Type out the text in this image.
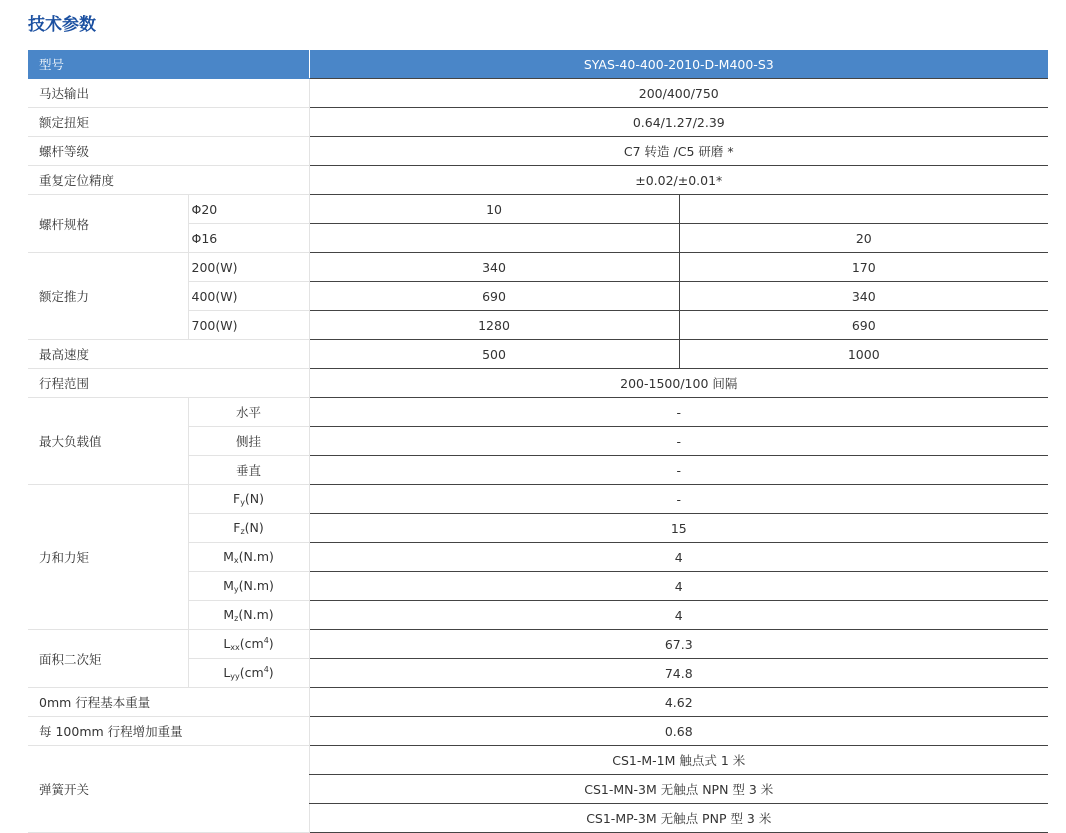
技术参数
型号		SYAS-40-400-2010-D-M400-S3	
马达输出		200/400/750	
额定扭矩		0.64/1.27/2.39	
螺杆等级		C7 转造 /C5 研磨 *	
重复定位精度		±0.02/±0.01*	
螺杆规格	Φ20	10	
	Φ16		20
额定推力	200(W)	340	170
	400(W)	690	340
	700(W)	1280	690
最高速度		500	1000
行程范围		200-1500/100 间隔	
最大负载值	水平	-	
	侧挂	-	
	垂直	-	
力和力矩	$F_y(N)$	-	
	$F_z(N)$	15	
	$M_x(N.m)$	4	
	$M_y(N.m)$	4	
	$M_z(N.m)$	4	
面积二次矩	$L_{xx}(cm^4)$	67.3	
	$L_{yy}(cm^4)$	74.8	
0mm 行程基本重量		4.62	
每 100mm 行程增加重量		0.68	
弹簧开关		CS1-M-1M 触点式 1 米	
		CS1-MN-3M 无触点 NPN 型 3 米	
		CS1-MP-3M 无触点 PNP 型 3 米	
